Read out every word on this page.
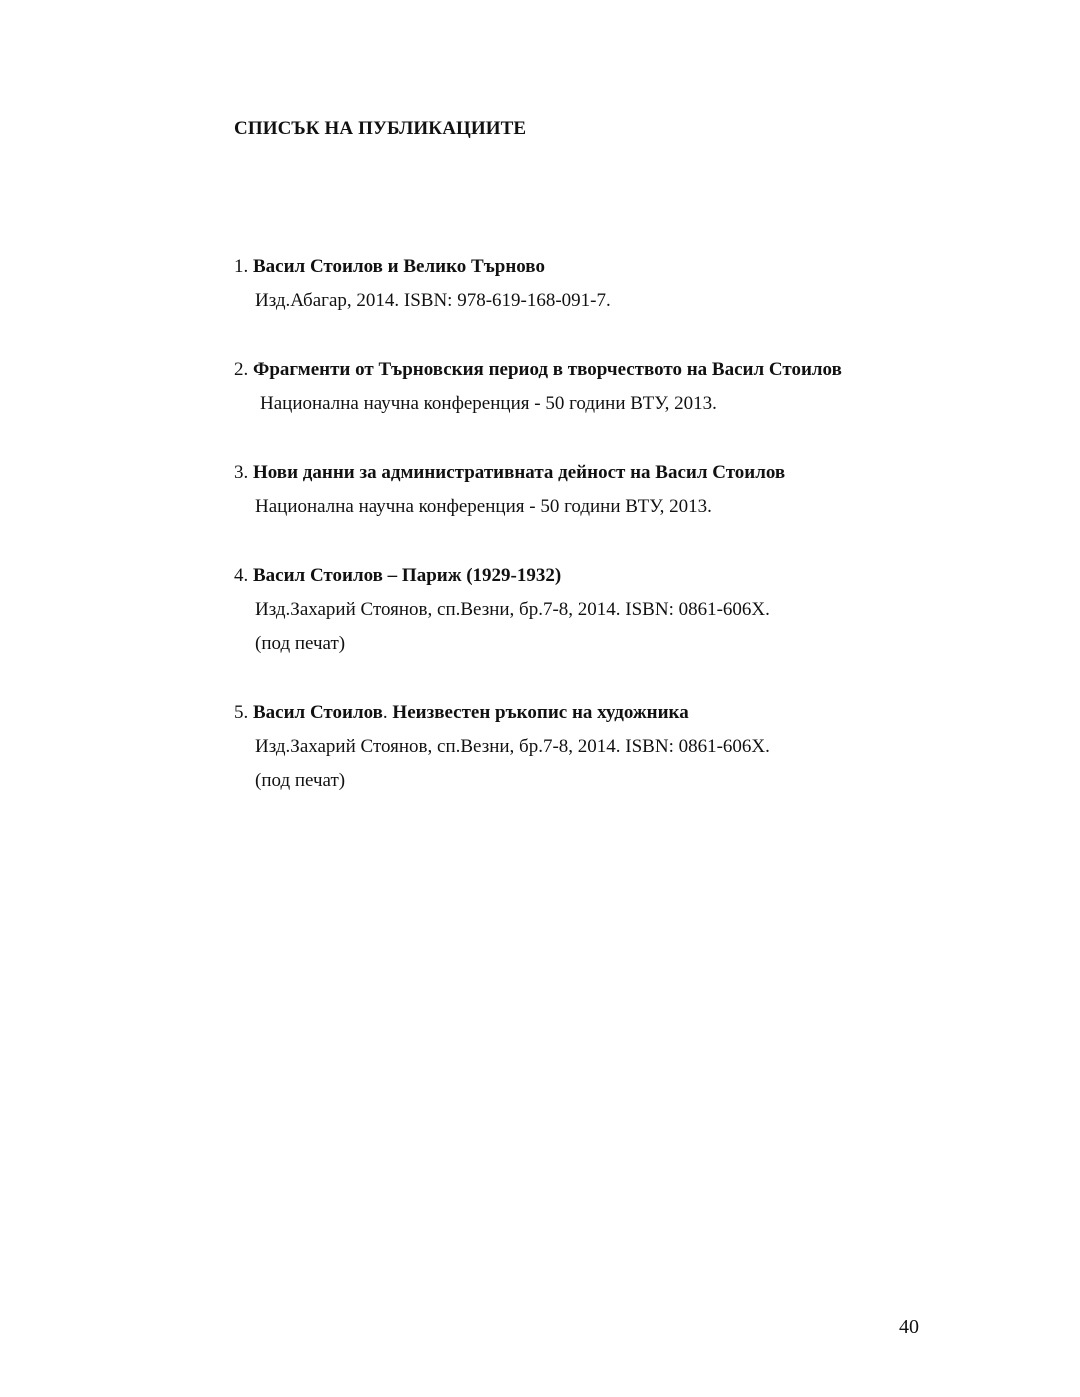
СПИСЪК НА ПУБЛИКАЦИИТЕ
1. Васил Стоилов и Велико Търново
Изд.Абагар, 2014. ISBN: 978-619-168-091-7.
2. Фрагменти от Търновския период в творчеството на Васил Стоилов
Национална научна конференция - 50 години ВТУ, 2013.
3. Нови данни за административната дейност на Васил Стоилов
Национална научна конференция - 50 години ВТУ, 2013.
4. Васил Стоилов – Париж (1929-1932)
Изд.Захарий Стоянов, сп.Везни, бр.7-8, 2014. ISBN: 0861-606X.
(под печат)
5. Васил Стоилов. Неизвестен ръкопис на художника
Изд.Захарий Стоянов, сп.Везни, бр.7-8, 2014. ISBN: 0861-606X.
(под печат)
40
